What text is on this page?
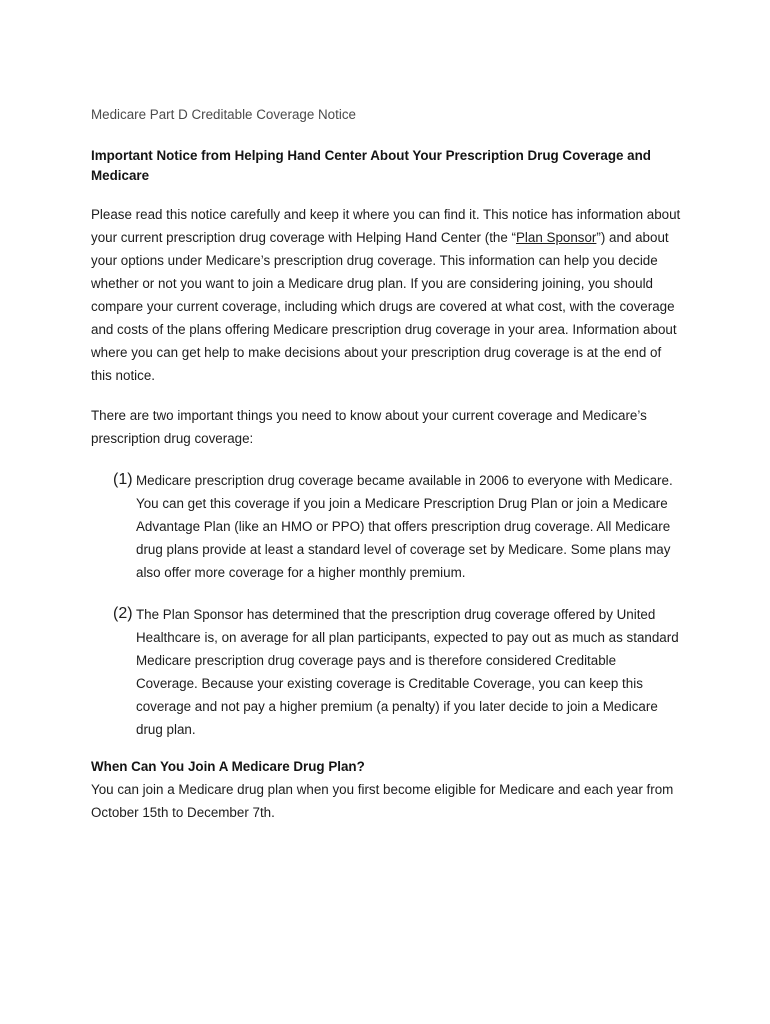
Medicare Part D Creditable Coverage Notice

Important Notice from Helping Hand Center About Your Prescription Drug Coverage and Medicare

Please read this notice carefully and keep it where you can find it. This notice has information about your current prescription drug coverage with Helping Hand Center (the “Plan Sponsor”) and about your options under Medicare’s prescription drug coverage. This information can help you decide whether or not you want to join a Medicare drug plan. If you are considering joining, you should compare your current coverage, including which drugs are covered at what cost, with the coverage and costs of the plans offering Medicare prescription drug coverage in your area. Information about where you can get help to make decisions about your prescription drug coverage is at the end of this notice.

There are two important things you need to know about your current coverage and Medicare’s prescription drug coverage:

(1) Medicare prescription drug coverage became available in 2006 to everyone with Medicare. You can get this coverage if you join a Medicare Prescription Drug Plan or join a Medicare Advantage Plan (like an HMO or PPO) that offers prescription drug coverage. All Medicare drug plans provide at least a standard level of coverage set by Medicare. Some plans may also offer more coverage for a higher monthly premium.
(2) The Plan Sponsor has determined that the prescription drug coverage offered by United Healthcare is, on average for all plan participants, expected to pay out as much as standard Medicare prescription drug coverage pays and is therefore considered Creditable Coverage. Because your existing coverage is Creditable Coverage, you can keep this coverage and not pay a higher premium (a penalty) if you later decide to join a Medicare drug plan.

When Can You Join A Medicare Drug Plan?

You can join a Medicare drug plan when you first become eligible for Medicare and each year from October 15th to December 7th.
